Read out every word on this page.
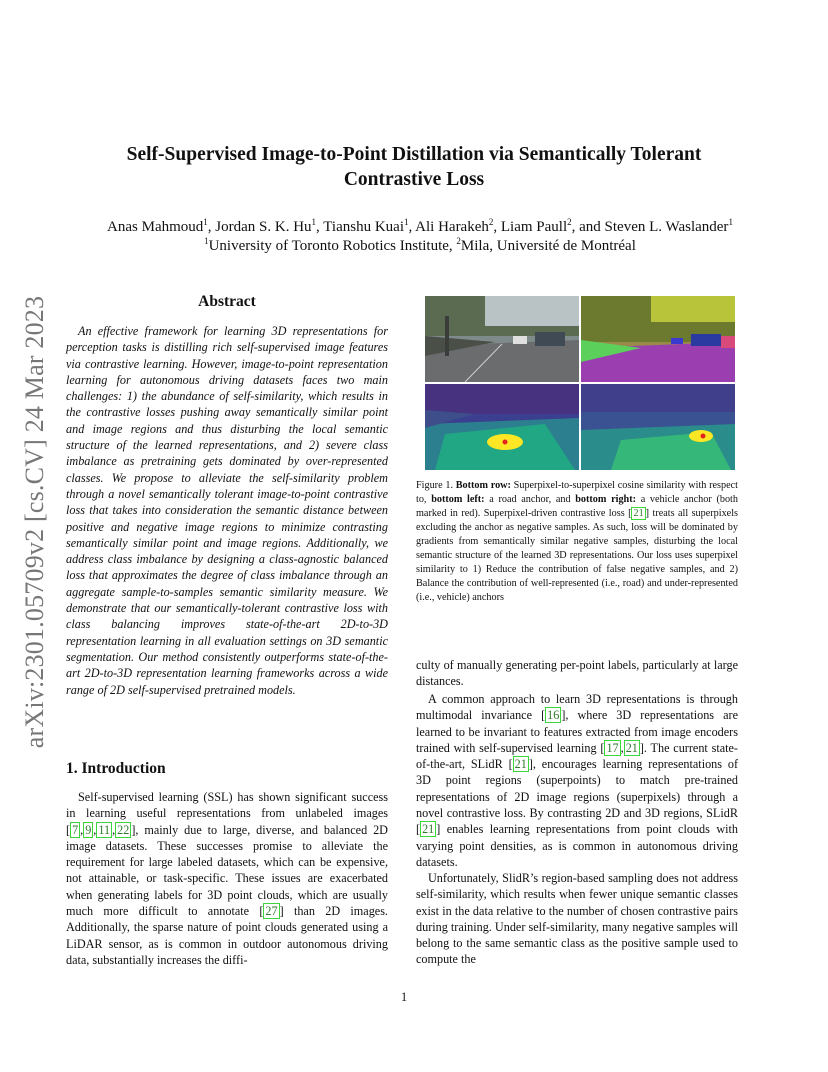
arXiv:2301.05709v2 [cs.CV] 24 Mar 2023
Self-Supervised Image-to-Point Distillation via Semantically Tolerant
Contrastive Loss
Anas Mahmoud$^1$, Jordan S. K. Hu$^1$, Tianshu Kuai$^1$, Ali Harakeh$^2$, Liam Paull$^2$, and Steven L. Waslander$^1$
$^1$University of Toronto Robotics Institute, $^2$Mila, Université de Montréal
Abstract
An effective framework for learning 3D representations for perception tasks is distilling rich self-supervised image features via contrastive learning. However, image-to-point representation learning for autonomous driving datasets faces two main challenges: 1) the abundance of self-similarity, which results in the contrastive losses pushing away semantically similar point and image regions and thus disturbing the local semantic structure of the learned representations, and 2) severe class imbalance as pretraining gets dominated by over-represented classes. We propose to alleviate the self-similarity problem through a novel semantically tolerant image-to-point contrastive loss that takes into consideration the semantic distance between positive and negative image regions to minimize contrasting semantically similar point and image regions. Additionally, we address class imbalance by designing a class-agnostic balanced loss that approximates the degree of class imbalance through an aggregate sample-to-samples semantic similarity measure. We demonstrate that our semantically-tolerant contrastive loss with class balancing improves state-of-the-art 2D-to-3D representation learning in all evaluation settings on 3D semantic segmentation. Our method consistently outperforms state-of-the-art 2D-to-3D representation learning frameworks across a wide range of 2D self-supervised pretrained models.
1. Introduction
Self-supervised learning (SSL) has shown significant success in learning useful representations from unlabeled images [ 7 , 9 , 11 , 22 ], mainly due to large, diverse, and balanced 2D image datasets. These successes promise to alleviate the requirement for large labeled datasets, which can be expensive, not attainable, or task-specific. These issues are exacerbated when generating labels for 3D point clouds, which are usually much more difficult to annotate [ 27 ] than 2D images. Additionally, the sparse nature of point clouds generated using a LiDAR sensor, as is common in outdoor autonomous driving data, substantially increases the diffi-
Figure 1. Bottom row: Superpixel-to-superpixel cosine similarity with respect to, bottom left: a road anchor, and bottom right: a vehicle anchor (both marked in red). Superpixel-driven contrastive loss [ 21 ] treats all superpixels excluding the anchor as negative samples. As such, loss will be dominated by gradients from semantically similar negative samples, disturbing the local semantic structure of the learned 3D representations. Our loss uses superpixel similarity to 1) Reduce the contribution of false negative samples, and 2) Balance the contribution of well-represented (i.e., road) and under-represented (i.e., vehicle) anchors
culty of manually generating per-point labels, particularly at large distances.
A common approach to learn 3D representations is through multimodal invariance [ 16 ], where 3D representations are learned to be invariant to features extracted from image encoders trained with self-supervised learning [ 17 , 21 ]. The current state-of-the-art, SLidR [ 21 ], encourages learning representations of 3D point regions (superpoints) to match pre-trained representations of 2D image regions (superpixels) through a novel contrastive loss. By contrasting 2D and 3D regions, SLidR [ 21 ] enables learning representations from point clouds with varying point densities, as is common in autonomous driving datasets.
Unfortunately, SlidR’s region-based sampling does not address self-similarity, which results when fewer unique semantic classes exist in the data relative to the number of chosen contrastive pairs during training. Under self-similarity, many negative samples will belong to the same semantic class as the positive sample used to compute the
1
